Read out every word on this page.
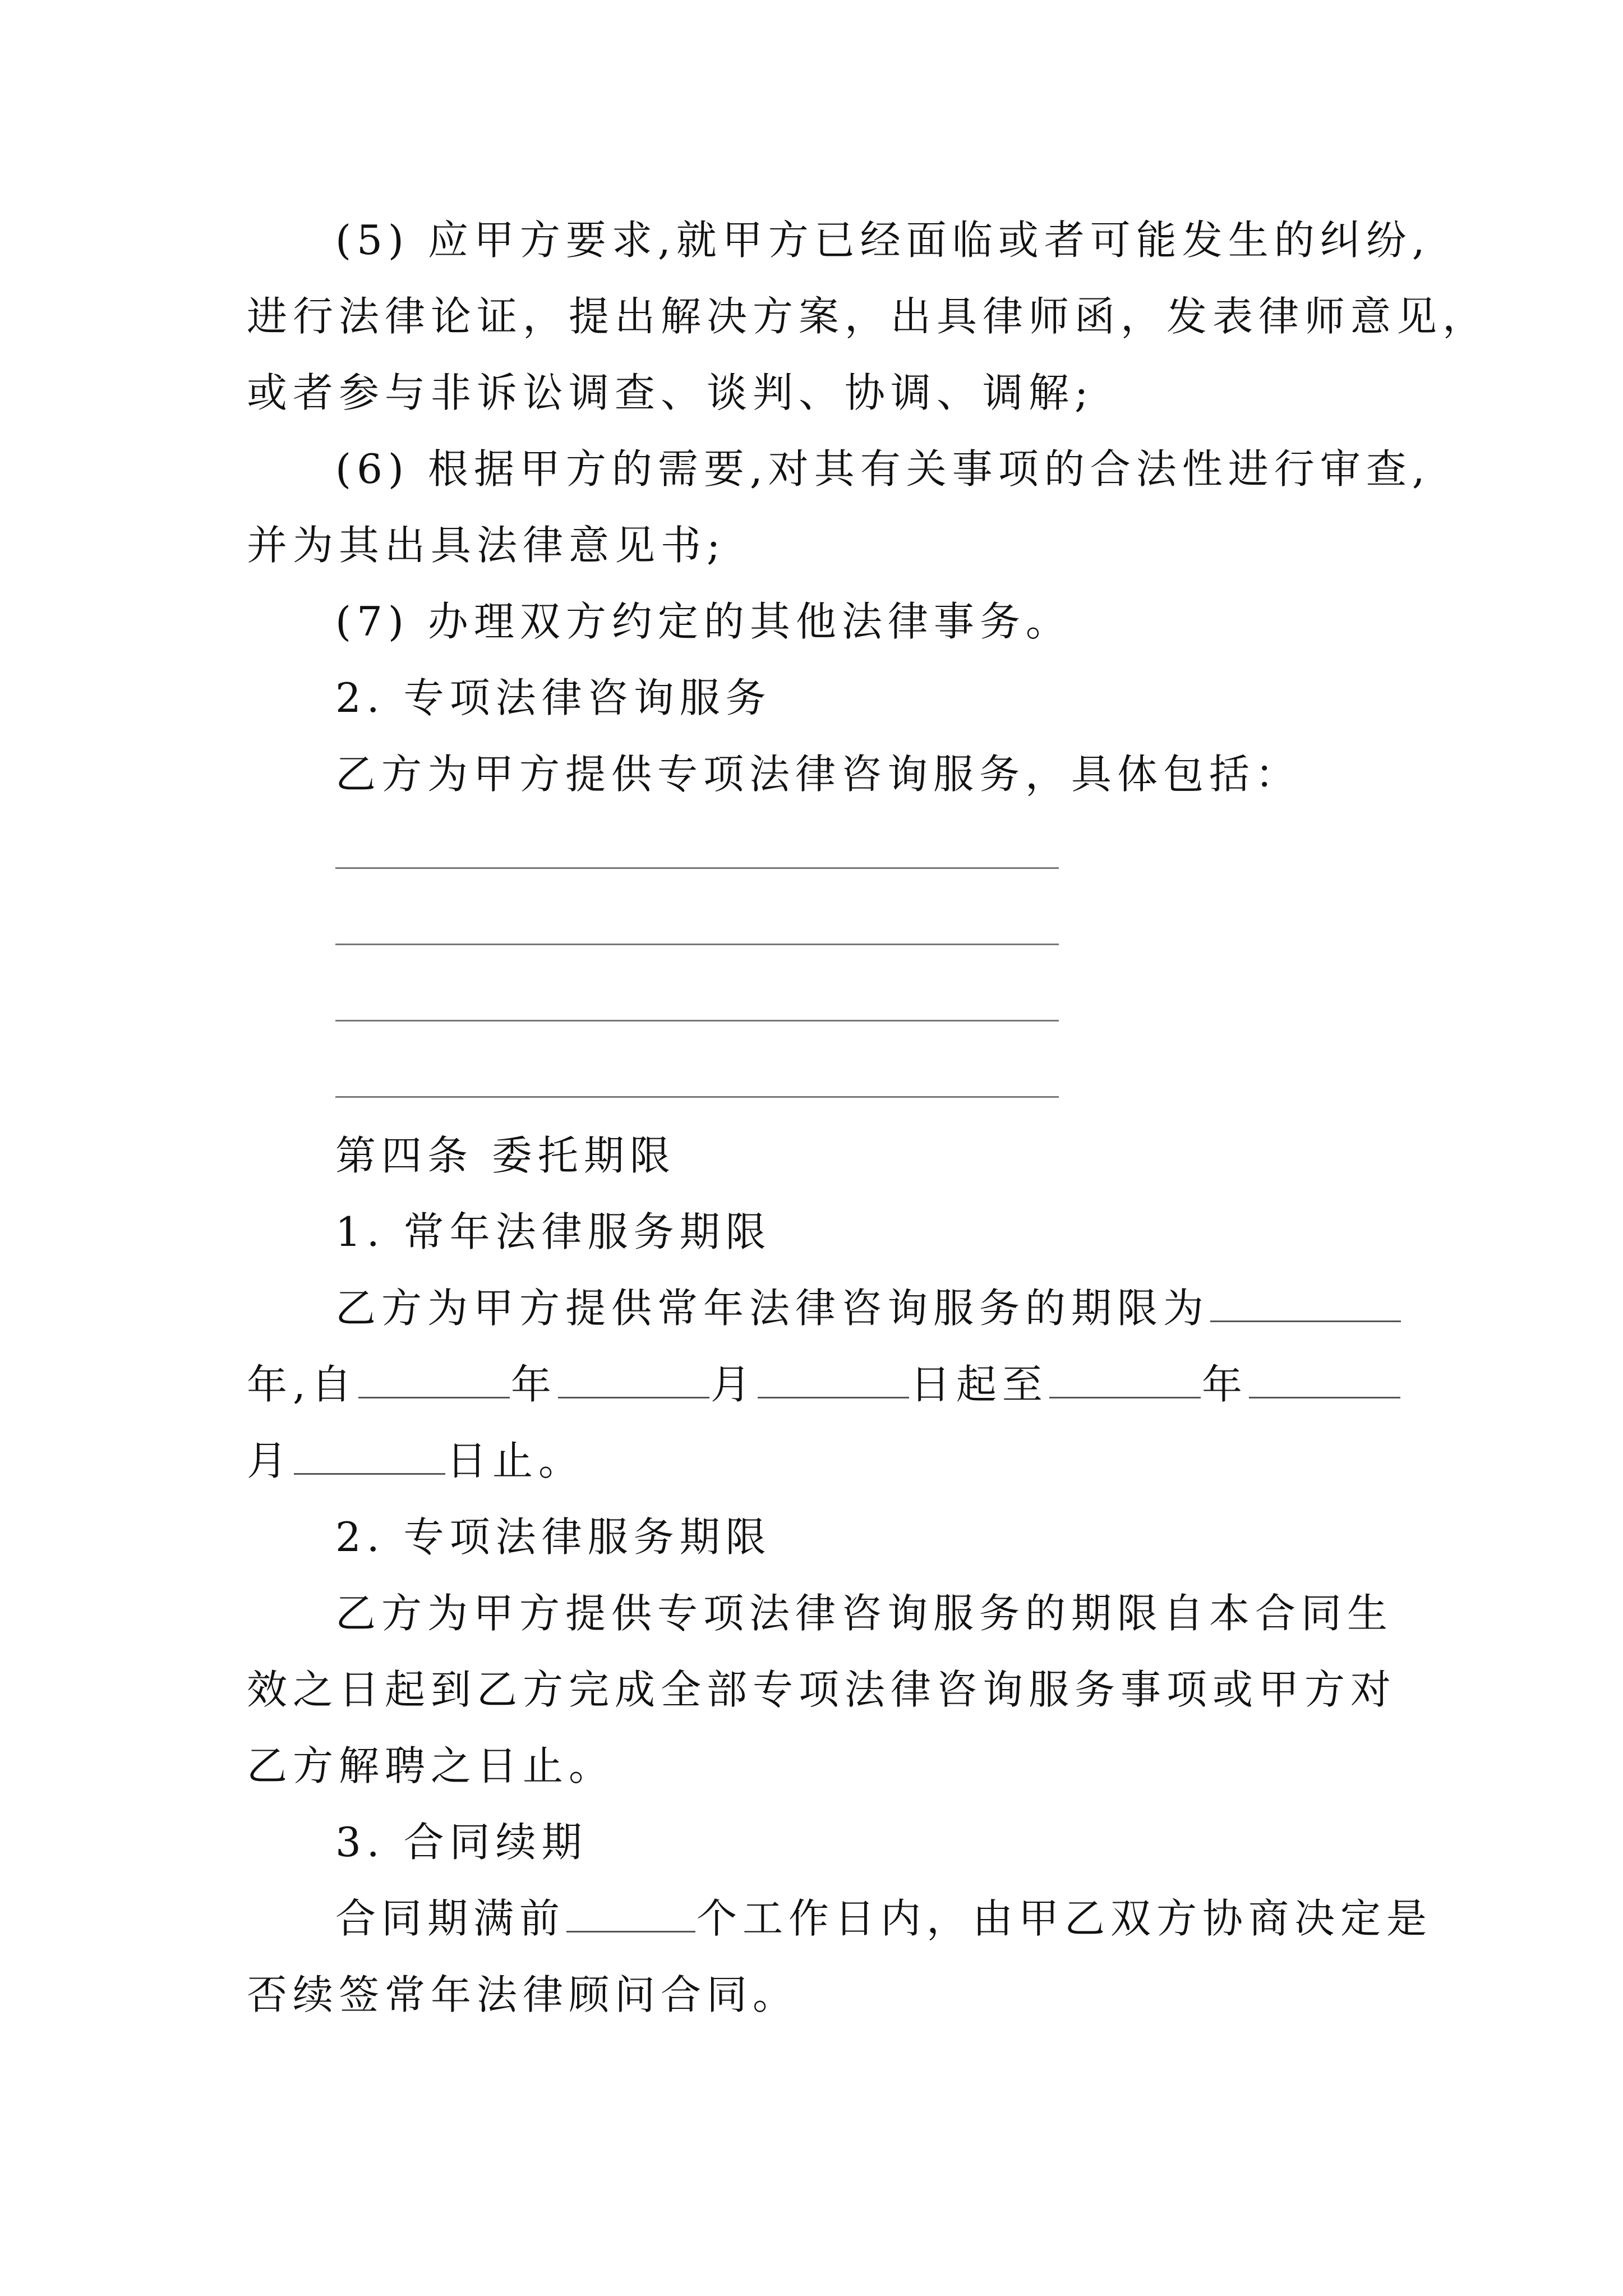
(5) 应甲方要求,就甲方已经面临或者可能发生的纠纷,
进行法律论证，提出解决方案，出具律师函，发表律师意见，
或者参与非诉讼调查、谈判、协调、调解;
(6) 根据甲方的需要,对其有关事项的合法性进行审查,
并为其出具法律意见书;
(7) 办理双方约定的其他法律事务。
2. 专项法律咨询服务
乙方为甲方提供专项法律咨询服务，具体包括：
第四条 委托期限
1. 常年法律服务期限
乙方为甲方提供常年法律咨询服务的期限为
年,自	年	月	日起至	年
月	日止。
2. 专项法律服务期限
乙方为甲方提供专项法律咨询服务的期限自本合同生
效之日起到乙方完成全部专项法律咨询服务事项或甲方对
乙方解聘之日止。
3. 合同续期
合同期满前	个工作日内，由甲乙双方协商决定是
否续签常年法律顾问合同。
